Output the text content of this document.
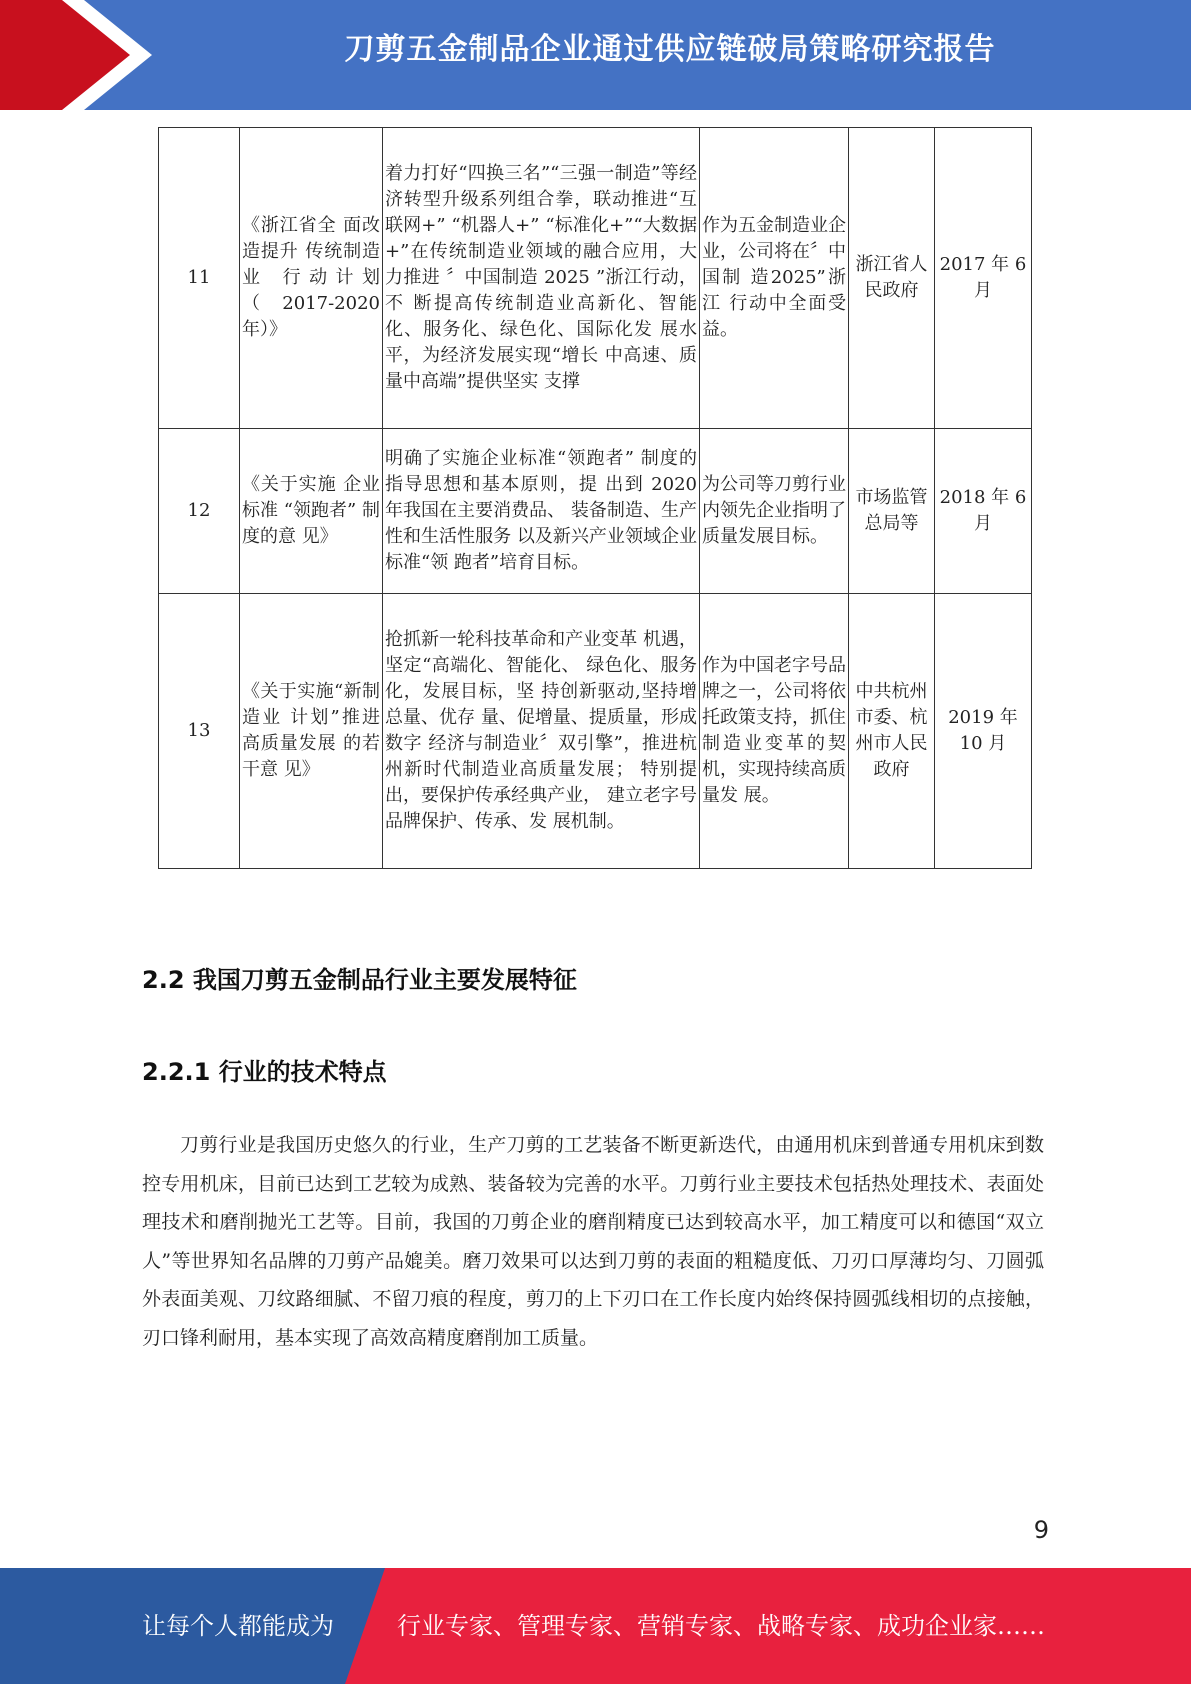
刀剪五金制品企业通过供应链破局策略研究报告
11	《浙江省全 面改造提升 传统制造业 行动计划（2017-2020年）》	着力打好“四换三名”“三强一制造”等经济转型升级系列组合拳，联动推进“互联网+” “机器人+” “标准化+”“大数据+”在传统制造业领域的融合应用，大力推进 〞中国制造 2025 ”浙江行动，不 断提高传统制造业高新化、智能 化、服务化、绿色化、国际化发 展水平，为经济发展实现“增长 中高速、质量中高端”提供坚实 支撑	作为五金制造业企业，公司将在〞中国制 造2025”浙江 行动中全面受 益。	浙江省人民政府	2017 年 6 月
12	《关于实施 企业标准 “领跑者” 制度的意 见》	明确了实施企业标准“领跑者” 制度的指导思想和基本原则，提 出到 2020 年我国在主要消费品、 装备制造、生产性和生活性服务 以及新兴产业领域企业标准“领 跑者”培育目标。	为公司等刀剪行业内领先企业指明了质量发展目标。	市场监管总局等	2018 年 6 月
13	《关于实施“新制造业 计划”推进 高质量发展 的若干意 见》	抢抓新一轮科技革命和产业变革 机遇，坚定“高端化、智能化、 绿色化、服务化，发展目标，坚 持创新驱动,坚持增总量、优存 量、促增量、提质量，形成数字 经济与制造业〞双引擎”，推进杭 州新时代制造业高质量发展； 特别提出，要保护传承经典产业， 建立老字号品牌保护、传承、发 展机制。	作为中国老字号品牌之一，公司将依托政策支持，抓住制造业变革的契机，实现持续高质量发 展。	中共杭州市委、杭州市人民政府	2019 年 10 月
2.2 我国刀剪五金制品行业主要发展特征
2.2.1 行业的技术特点

刀剪行业是我国历史悠久的行业，生产刀剪的工艺装备不断更新迭代，由通用机床到普通专用机床到数控专用机床，目前已达到工艺较为成熟、装备较为完善的水平。刀剪行业主要技术包括热处理技术、表面处理技术和磨削抛光工艺等。目前，我国的刀剪企业的磨削精度已达到较高水平，加工精度可以和德国“双立人”等世界知名品牌的刀剪产品媲美。磨刀效果可以达到刀剪的表面的粗糙度低、刀刃口厚薄均匀、刀圆弧外表面美观、刀纹路细腻、不留刀痕的程度，剪刀的上下刃口在工作长度内始终保持圆弧线相切的点接触，刃口锋利耐用，基本实现了高效高精度磨削加工质量。

9
让每个人都能成为	行业专家、管理专家、营销专家、战略专家、成功企业家……
